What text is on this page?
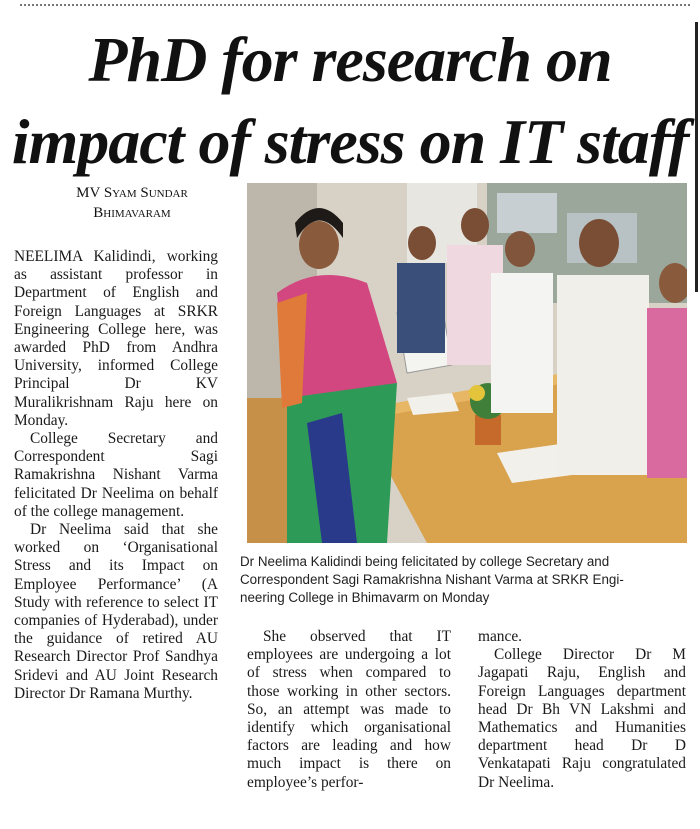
PhD for research on
impact of stress on IT staff
MV Syam Sundar
Bhimavaram

NEELIMA Kalidindi, working as assistant professor in Department of English and Foreign Languages at SRKR Engineering College here, was awarded PhD from Andhra University, informed College Principal Dr KV Muralikrishnam Raju here on Monday.

College Secretary and Correspondent Sagi Ramakrishna Nishant Varma felicitated Dr Neelima on behalf of the college management.

Dr Neelima said that she worked on ‘Organisational Stress and its Impact on Employee Performance’ (A Study with reference to select IT companies of Hyderabad), under the guidance of retired AU Research Director Prof Sandhya Sridevi and AU Joint Research Director Dr Ramana Murthy.

Dr Neelima Kalidindi being felicitated by college Secretary and
Correspondent Sagi Ramakrishna Nishant Varma at SRKR Engi-
neering College in Bhimavarm on Monday

She observed that IT employees are undergoing a lot of stress when compared to those working in other sectors. So, an attempt was made to identify which organisational factors are leading and how much impact is there on employee’s perfor-

mance.

College Director Dr M Jagapati Raju, English and Foreign Languages department head Dr Bh VN Lakshmi and Mathematics and Humanities department head Dr D Venkatapati Raju congratulated Dr Neelima.
